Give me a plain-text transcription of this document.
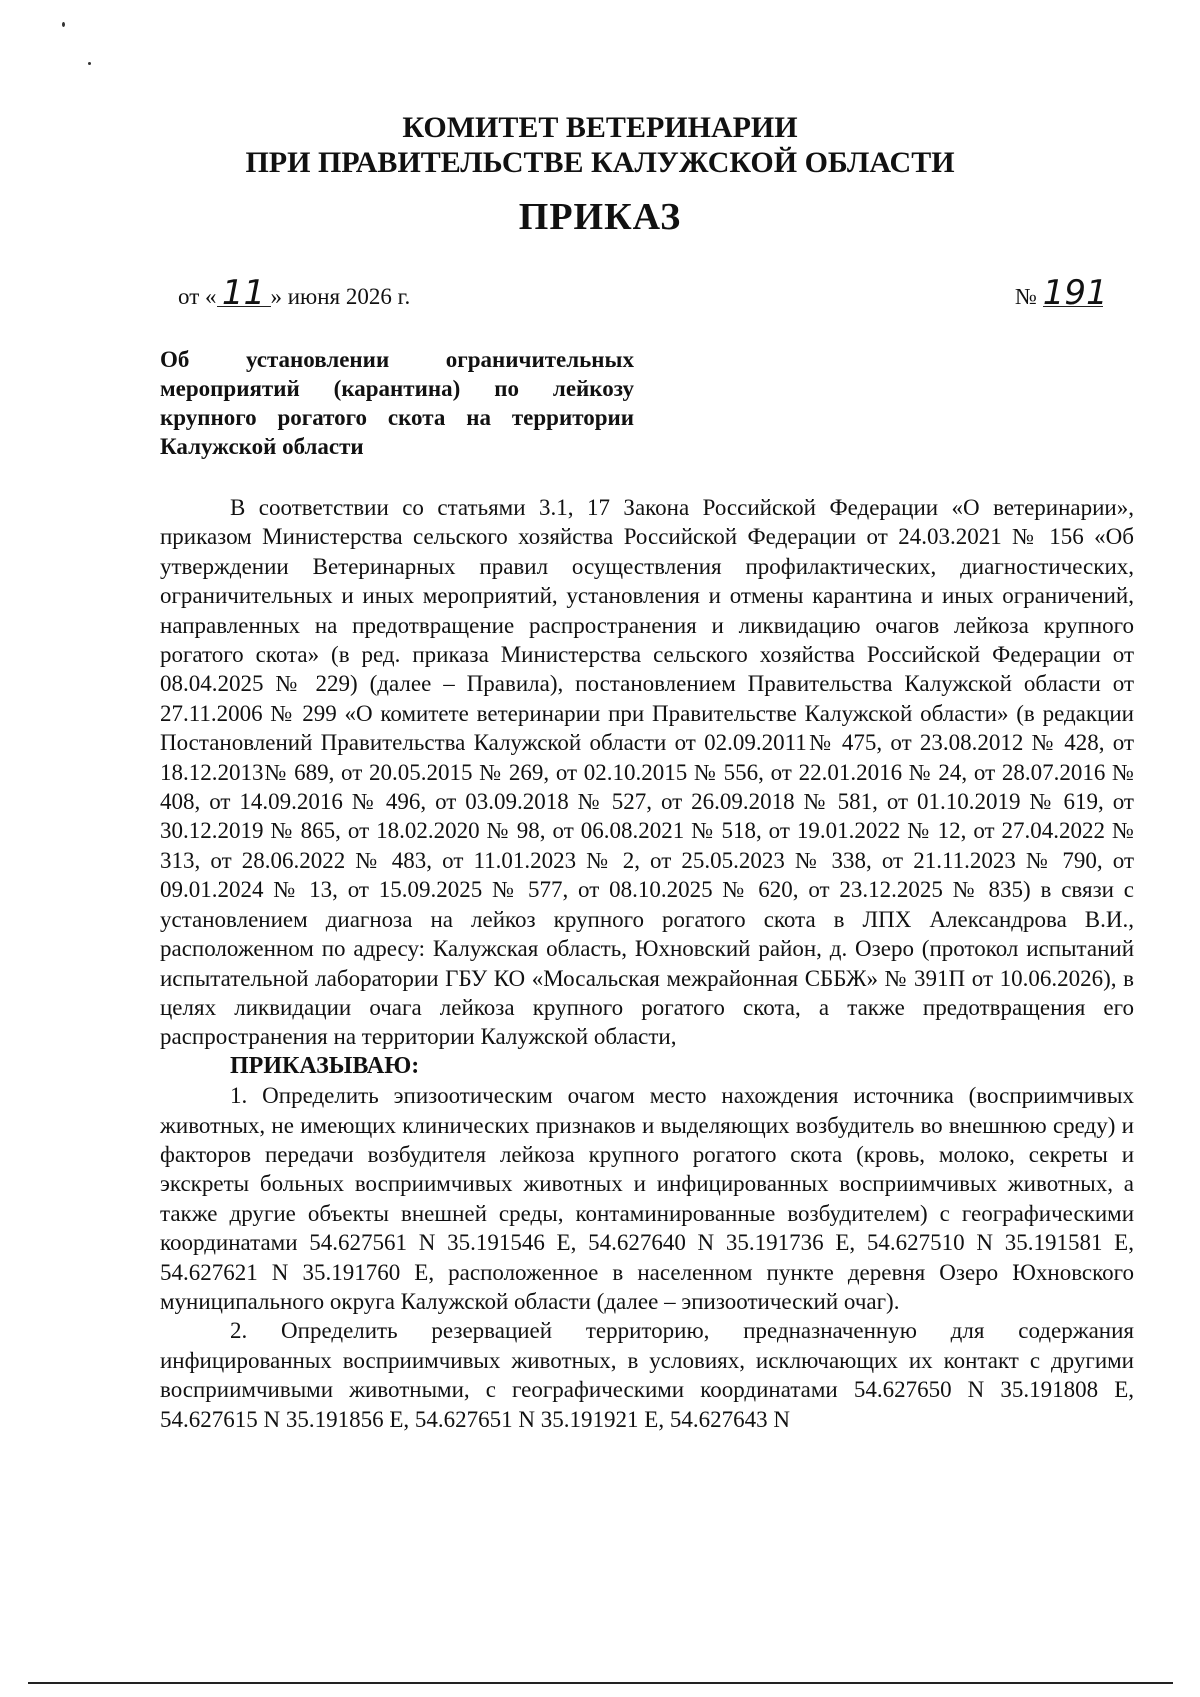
КОМИТЕТ ВЕТЕРИНАРИИ
ПРИ ПРАВИТЕЛЬСТВЕ КАЛУЖСКОЙ ОБЛАСТИ
ПРИКАЗ
от « 11 » июня 2026 г.	№ 191
Об установлении ограничительных мероприятий (карантина) по лейкозу крупного рогатого скота на территории Калужской области

В соответствии со статьями 3.1, 17 Закона Российской Федерации «О ветеринарии», приказом Министерства сельского хозяйства Российской Федерации от 24.03.2021 № 156 «Об утверждении Ветеринарных правил осуществления профилактических, диагностических, ограничительных и иных мероприятий, установления и отмены карантина и иных ограничений, направленных на предотвращение распространения и ликвидацию очагов лейкоза крупного рогатого скота» (в ред. приказа Министерства сельского хозяйства Российской Федерации от 08.04.2025 № 229) (далее – Правила), постановлением Правительства Калужской области от 27.11.2006 № 299 «О комитете ветеринарии при Правительстве Калужской области» (в редакции Постановлений Правительства Калужской области от 02.09.2011№ 475, от 23.08.2012 № 428, от 18.12.2013№ 689, от 20.05.2015 № 269, от 02.10.2015 № 556, от 22.01.2016 № 24, от 28.07.2016 № 408, от 14.09.2016 № 496, от 03.09.2018 № 527, от 26.09.2018 № 581, от 01.10.2019 № 619, от 30.12.2019 № 865, от 18.02.2020 № 98, от 06.08.2021 № 518, от 19.01.2022 № 12, от 27.04.2022 № 313, от 28.06.2022 № 483, от 11.01.2023 № 2, от 25.05.2023 № 338, от 21.11.2023 № 790, от 09.01.2024 № 13, от 15.09.2025 № 577, от 08.10.2025 № 620, от 23.12.2025 № 835) в связи с установлением диагноза на лейкоз крупного рогатого скота в ЛПХ Александрова В.И., расположенном по адресу: Калужская область, Юхновский район, д. Озеро (протокол испытаний испытательной лаборатории ГБУ КО «Мосальская межрайонная СББЖ» № 391П от 10.06.2026), в целях ликвидации очага лейкоза крупного рогатого скота, а также предотвращения его распространения на территории Калужской области,

ПРИКАЗЫВАЮ:

1. Определить эпизоотическим очагом место нахождения источника (восприимчивых животных, не имеющих клинических признаков и выделяющих возбудитель во внешнюю среду) и факторов передачи возбудителя лейкоза крупного рогатого скота (кровь, молоко, секреты и экскреты больных восприимчивых животных и инфицированных восприимчивых животных, а также другие объекты внешней среды, контаминированные возбудителем) с географическими координатами 54.627561 N 35.191546 E, 54.627640 N 35.191736 E, 54.627510 N 35.191581 E, 54.627621 N 35.191760 E, расположенное в населенном пункте деревня Озеро Юхновского муниципального округа Калужской области (далее – эпизоотический очаг).

2. Определить резервацией территорию, предназначенную для содержания инфицированных восприимчивых животных, в условиях, исключающих их контакт с другими восприимчивыми животными, с географическими координатами 54.627650 N 35.191808 E, 54.627615 N 35.191856 E, 54.627651 N 35.191921 E, 54.627643 N
